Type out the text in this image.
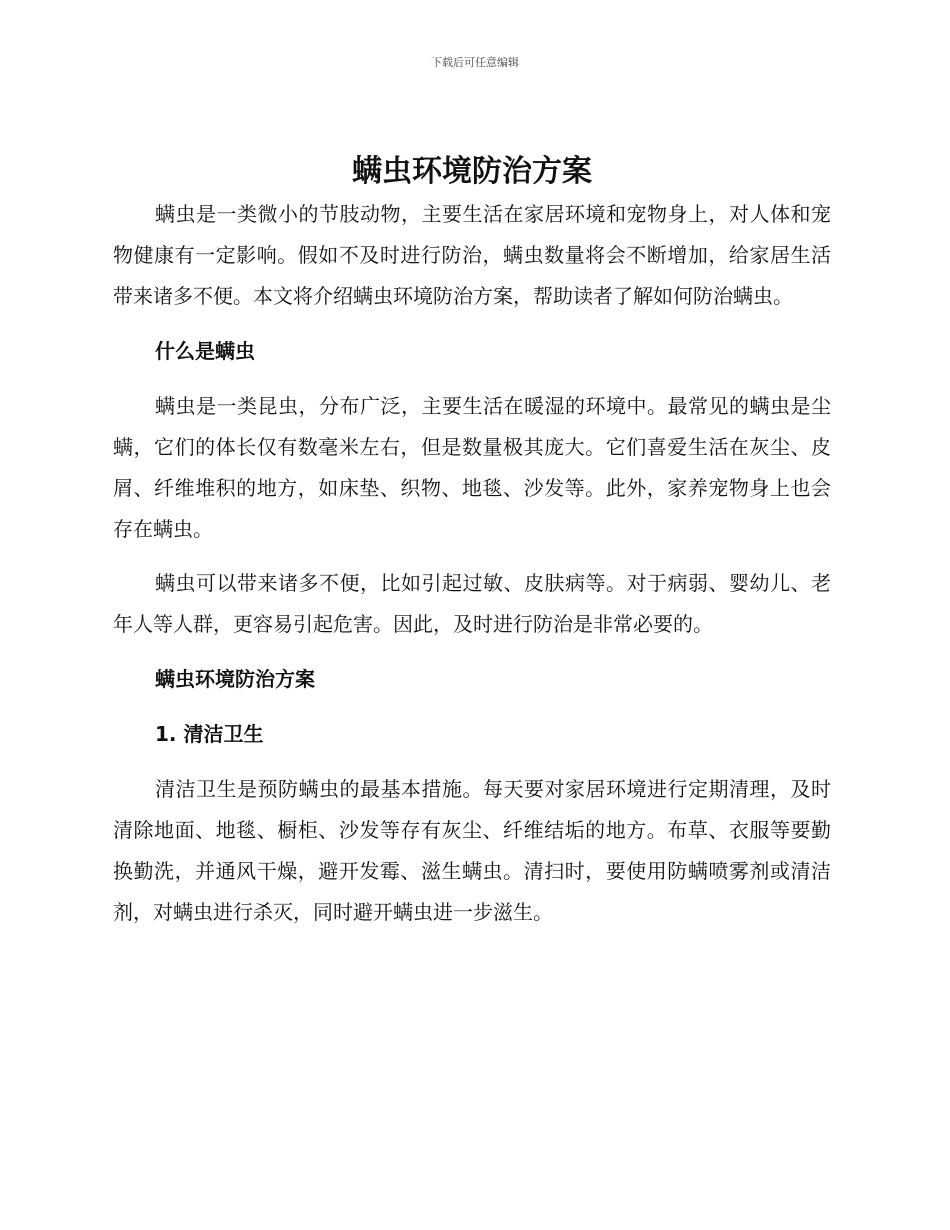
下载后可任意编辑
螨虫环境防治方案

螨虫是一类微小的节肢动物，主要生活在家居环境和宠物身上，对人体和宠物健康有一定影响。假如不及时进行防治，螨虫数量将会不断增加，给家居生活带来诸多不便。本文将介绍螨虫环境防治方案，帮助读者了解如何防治螨虫。

什么是螨虫

螨虫是一类昆虫，分布广泛，主要生活在暖湿的环境中。最常见的螨虫是尘螨，它们的体长仅有数毫米左右，但是数量极其庞大。它们喜爱生活在灰尘、皮屑、纤维堆积的地方，如床垫、织物、地毯、沙发等。此外，家养宠物身上也会存在螨虫。

螨虫可以带来诸多不便，比如引起过敏、皮肤病等。对于病弱、婴幼儿、老年人等人群，更容易引起危害。因此，及时进行防治是非常必要的。

螨虫环境防治方案
1. 清洁卫生

清洁卫生是预防螨虫的最基本措施。每天要对家居环境进行定期清理，及时清除地面、地毯、橱柜、沙发等存有灰尘、纤维结垢的地方。布草、衣服等要勤换勤洗，并通风干燥，避开发霉、滋生螨虫。清扫时，要使用防螨喷雾剂或清洁剂，对螨虫进行杀灭，同时避开螨虫进一步滋生。
